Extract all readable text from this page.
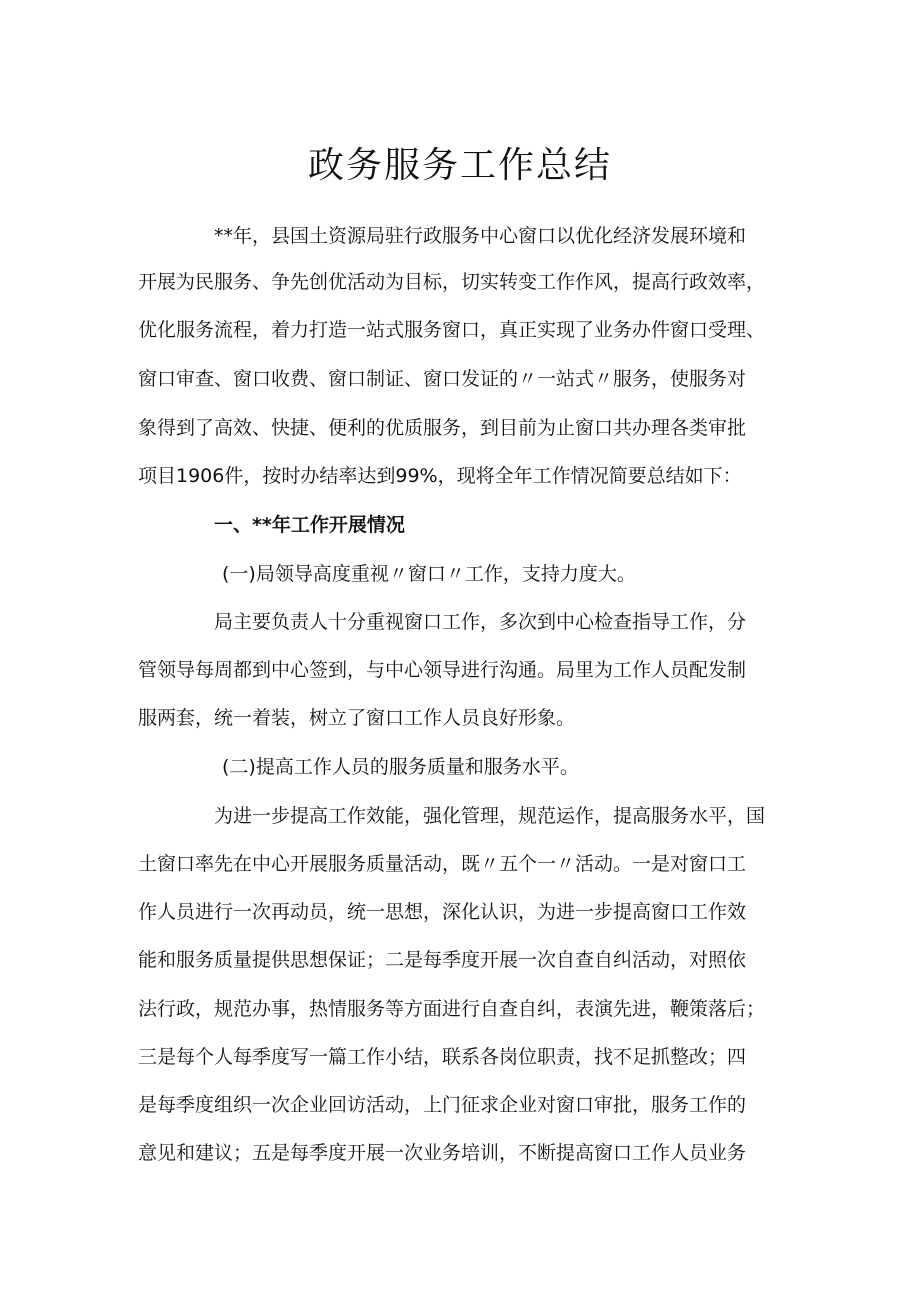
政务服务工作总结
**年，县国土资源局驻行政服务中心窗口以优化经济发展环境和
开展为民服务、争先创优活动为目标，切实转变工作作风，提高行政效率，
优化服务流程，着力打造一站式服务窗口，真正实现了业务办件窗口受理、
窗口审查、窗口收费、窗口制证、窗口发证的〃一站式〃服务，使服务对
象得到了高效、快捷、便利的优质服务，到目前为止窗口共办理各类审批
项目1906件，按时办结率达到99%，现将全年工作情况简要总结如下：
一、**年工作开展情况
(一)局领导高度重视〃窗口〃工作，支持力度大。
局主要负责人十分重视窗口工作，多次到中心检查指导工作，分
管领导每周都到中心签到，与中心领导进行沟通。局里为工作人员配发制
服两套，统一着装，树立了窗口工作人员良好形象。
(二)提高工作人员的服务质量和服务水平。
为进一步提高工作效能，强化管理，规范运作，提高服务水平，国
土窗口率先在中心开展服务质量活动，既〃五个一〃活动。一是对窗口工
作人员进行一次再动员，统一思想，深化认识，为进一步提高窗口工作效
能和服务质量提供思想保证；二是每季度开展一次自查自纠活动，对照依
法行政，规范办事，热情服务等方面进行自查自纠，表演先进，鞭策落后；
三是每个人每季度写一篇工作小结，联系各岗位职责，找不足抓整改；四
是每季度组织一次企业回访活动，上门征求企业对窗口审批，服务工作的
意见和建议；五是每季度开展一次业务培训，不断提高窗口工作人员业务
